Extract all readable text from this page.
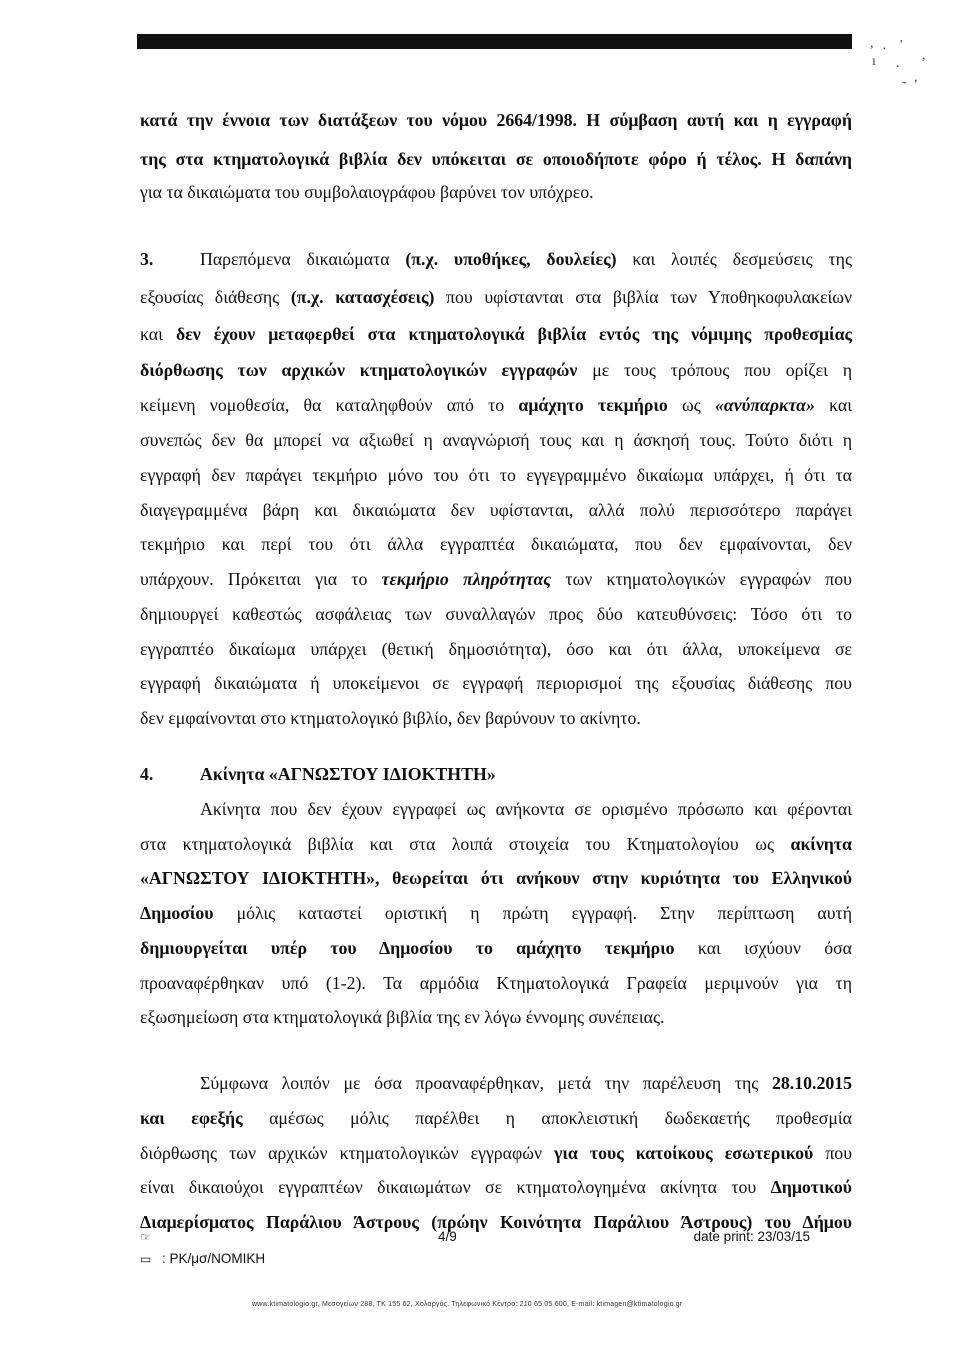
, · '
,
ı .
,
˜
κατά την έννοια των διατάξεων του νόμου 2664/1998. Η σύμβαση αυτή και η εγγραφή
της στα κτηματολογικά βιβλία δεν υπόκειται σε οποιοδήποτε φόρο ή τέλος. Η δαπάνη
για τα δικαιώματα του συμβολαιογράφου βαρύνει τον υπόχρεο.
3.	Παρεπόμενα δικαιώματα (π.χ. υποθήκες, δουλείες) και λοιπές δεσμεύσεις της
εξουσίας διάθεσης (π.χ. κατασχέσεις) που υφίστανται στα βιβλία των Υποθηκοφυλακείων
και δεν έχουν μεταφερθεί στα κτηματολογικά βιβλία εντός της νόμιμης προθεσμίας
διόρθωσης των αρχικών κτηματολογικών εγγραφών με τους τρόπους που ορίζει η
κείμενη νομοθεσία, θα καταληφθούν από το αμάχητο τεκμήριο ως «ανύπαρκτα» και
συνεπώς δεν θα μπορεί να αξιωθεί η αναγνώρισή τους και η άσκησή τους. Τούτο διότι η
εγγραφή δεν παράγει τεκμήριο μόνο του ότι το εγγεγραμμένο δικαίωμα υπάρχει, ή ότι τα
διαγεγραμμένα βάρη και δικαιώματα δεν υφίστανται, αλλά πολύ περισσότερο παράγει
τεκμήριο και περί του ότι άλλα εγγραπτέα δικαιώματα, που δεν εμφαίνονται, δεν
υπάρχουν. Πρόκειται για το τεκμήριο πληρότητας των κτηματολογικών εγγραφών που
δημιουργεί καθεστώς ασφάλειας των συναλλαγών προς δύο κατευθύνσεις: Τόσο ότι το
εγγραπτέο δικαίωμα υπάρχει (θετική δημοσιότητα), όσο και ότι άλλα, υποκείμενα σε
εγγραφή δικαιώματα ή υποκείμενοι σε εγγραφή περιορισμοί της εξουσίας διάθεσης που
δεν εμφαίνονται στο κτηματολογικό βιβλίο, δεν βαρύνουν το ακίνητο.
4.	Ακίνητα «ΑΓΝΩΣΤΟΥ ΙΔΙΟΚΤΗΤΗ»
Ακίνητα που δεν έχουν εγγραφεί ως ανήκοντα σε ορισμένο πρόσωπο και φέρονται
στα κτηματολογικά βιβλία και στα λοιπά στοιχεία του Κτηματολογίου ως ακίνητα
«ΑΓΝΩΣΤΟΥ ΙΔΙΟΚΤΗΤΗ», θεωρείται ότι ανήκουν στην κυριότητα του Ελληνικού
Δημοσίου μόλις καταστεί οριστική η πρώτη εγγραφή. Στην περίπτωση αυτή
δημιουργείται υπέρ του Δημοσίου το αμάχητο τεκμήριο και ισχύουν όσα
προαναφέρθηκαν υπό (1-2). Τα αρμόδια Κτηματολογικά Γραφεία μεριμνούν για τη
εξωσημείωση στα κτηματολογικά βιβλία της εν λόγω έννομης συνέπειας.
Σύμφωνα λοιπόν με όσα προαναφέρθηκαν, μετά την παρέλευση της 28.10.2015
και εφεξής αμέσως μόλις παρέλθει η αποκλειστική δωδεκαετής προθεσμία
διόρθωσης των αρχικών κτηματολογικών εγγραφών για τους κατοίκους εσωτερικού που
είναι δικαιούχοι εγγραπτέων δικαιωμάτων σε κτηματολογημένα ακίνητα του Δημοτικού
Διαμερίσματος Παράλιου Άστρους (πρώην Κοινότητα Παράλιου Άστρους) του Δήμου
☞▭ : ΡΚ/μσ/ΝΟΜΙΚΗ
4/9	date print: 23/03/15
www.ktimatologio.gr, Μεσογείων 288, ΤΚ 155 62, Χολαργός. Τηλεφωνικό Κέντρο: 210 65 05 600, E-mail: ktimagen@ktimatologio.gr
